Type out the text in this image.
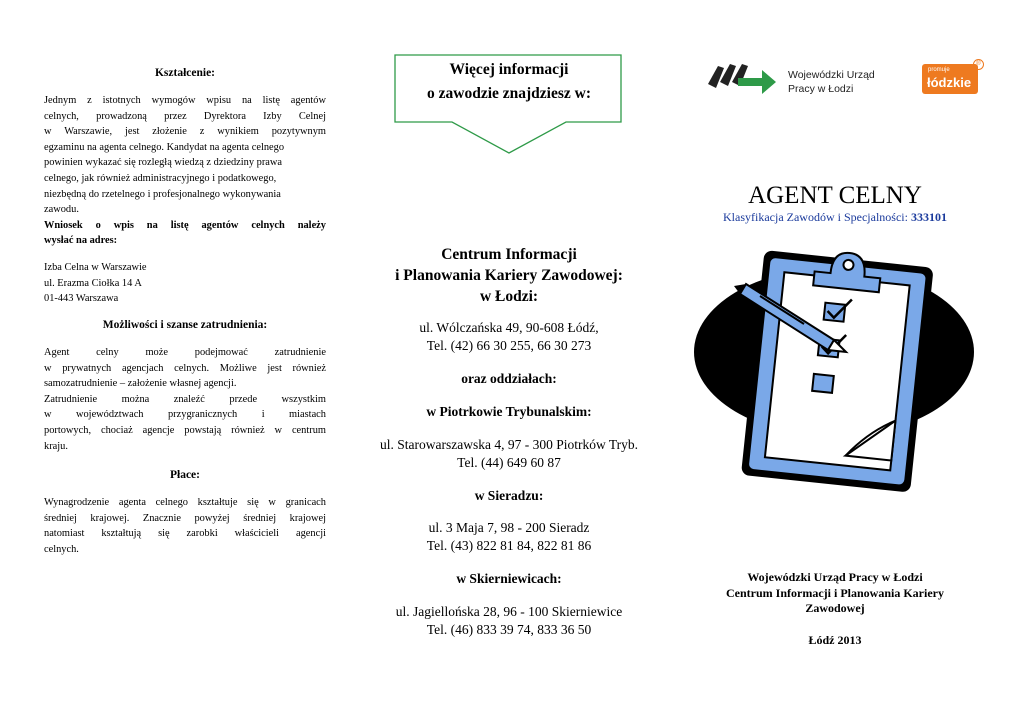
Kształcenie:
Jednym z istotnych wymogów wpisu na listę agentów
celnych, prowadzoną przez Dyrektora Izby Celnej
w Warszawie, jest złożenie z wynikiem pozytywnym
egzaminu na agenta celnego. Kandydat na agenta celnego
powinien wykazać się rozległą wiedzą z dziedziny prawa
celnego, jak również administracyjnego i podatkowego,
niezbędną do rzetelnego i profesjonalnego wykonywania
zawodu.
Wniosek o wpis na listę agentów celnych należy
wysłać na adres:
Izba Celna w Warszawie
ul. Erazma Ciołka 14 A
01-443 Warszawa
Możliwości i szanse zatrudnienia:
Agent celny może podejmować zatrudnienie
w prywatnych agencjach celnych. Możliwe jest również
samozatrudnienie – założenie własnej agencji.
Zatrudnienie można znaleźć przede wszystkim
w województwach przygranicznych i miastach
portowych, chociaż agencje powstają również w centrum
kraju.
Płace:
Wynagrodzenie agenta celnego kształtuje się w granicach
średniej krajowej. Znacznie powyżej średniej krajowej
natomiast kształtują się zarobki właścicieli agencji
celnych.
Więcej informacji
o zawodzie znajdziesz w:
Centrum Informacji
i Planowania Kariery Zawodowej:
w Łodzi:
ul. Wólczańska 49, 90-608 Łódź,
Tel. (42) 66 30 255, 66 30 273
oraz oddziałach:
w Piotrkowie Trybunalskim:
ul. Starowarszawska 4, 97 - 300 Piotrków Tryb.
Tel. (44) 649 60 87
w Sieradzu:
ul. 3 Maja 7, 98 - 200 Sieradz
Tel. (43) 822 81 84, 822 81 86
w Skierniewicach:
ul. Jagiellońska 28, 96 - 100 Skierniewice
Tel. (46) 833 39 74, 833 36 50
Wojewódzki Urząd
Pracy w Łodzi
promuje
łódzkie
®
AGENT CELNY
Klasyfikacja Zawodów i Specjalności: 333101
Wojewódzki Urząd Pracy w Łodzi
Centrum Informacji i Planowania Kariery
Zawodowej
Łódź 2013
